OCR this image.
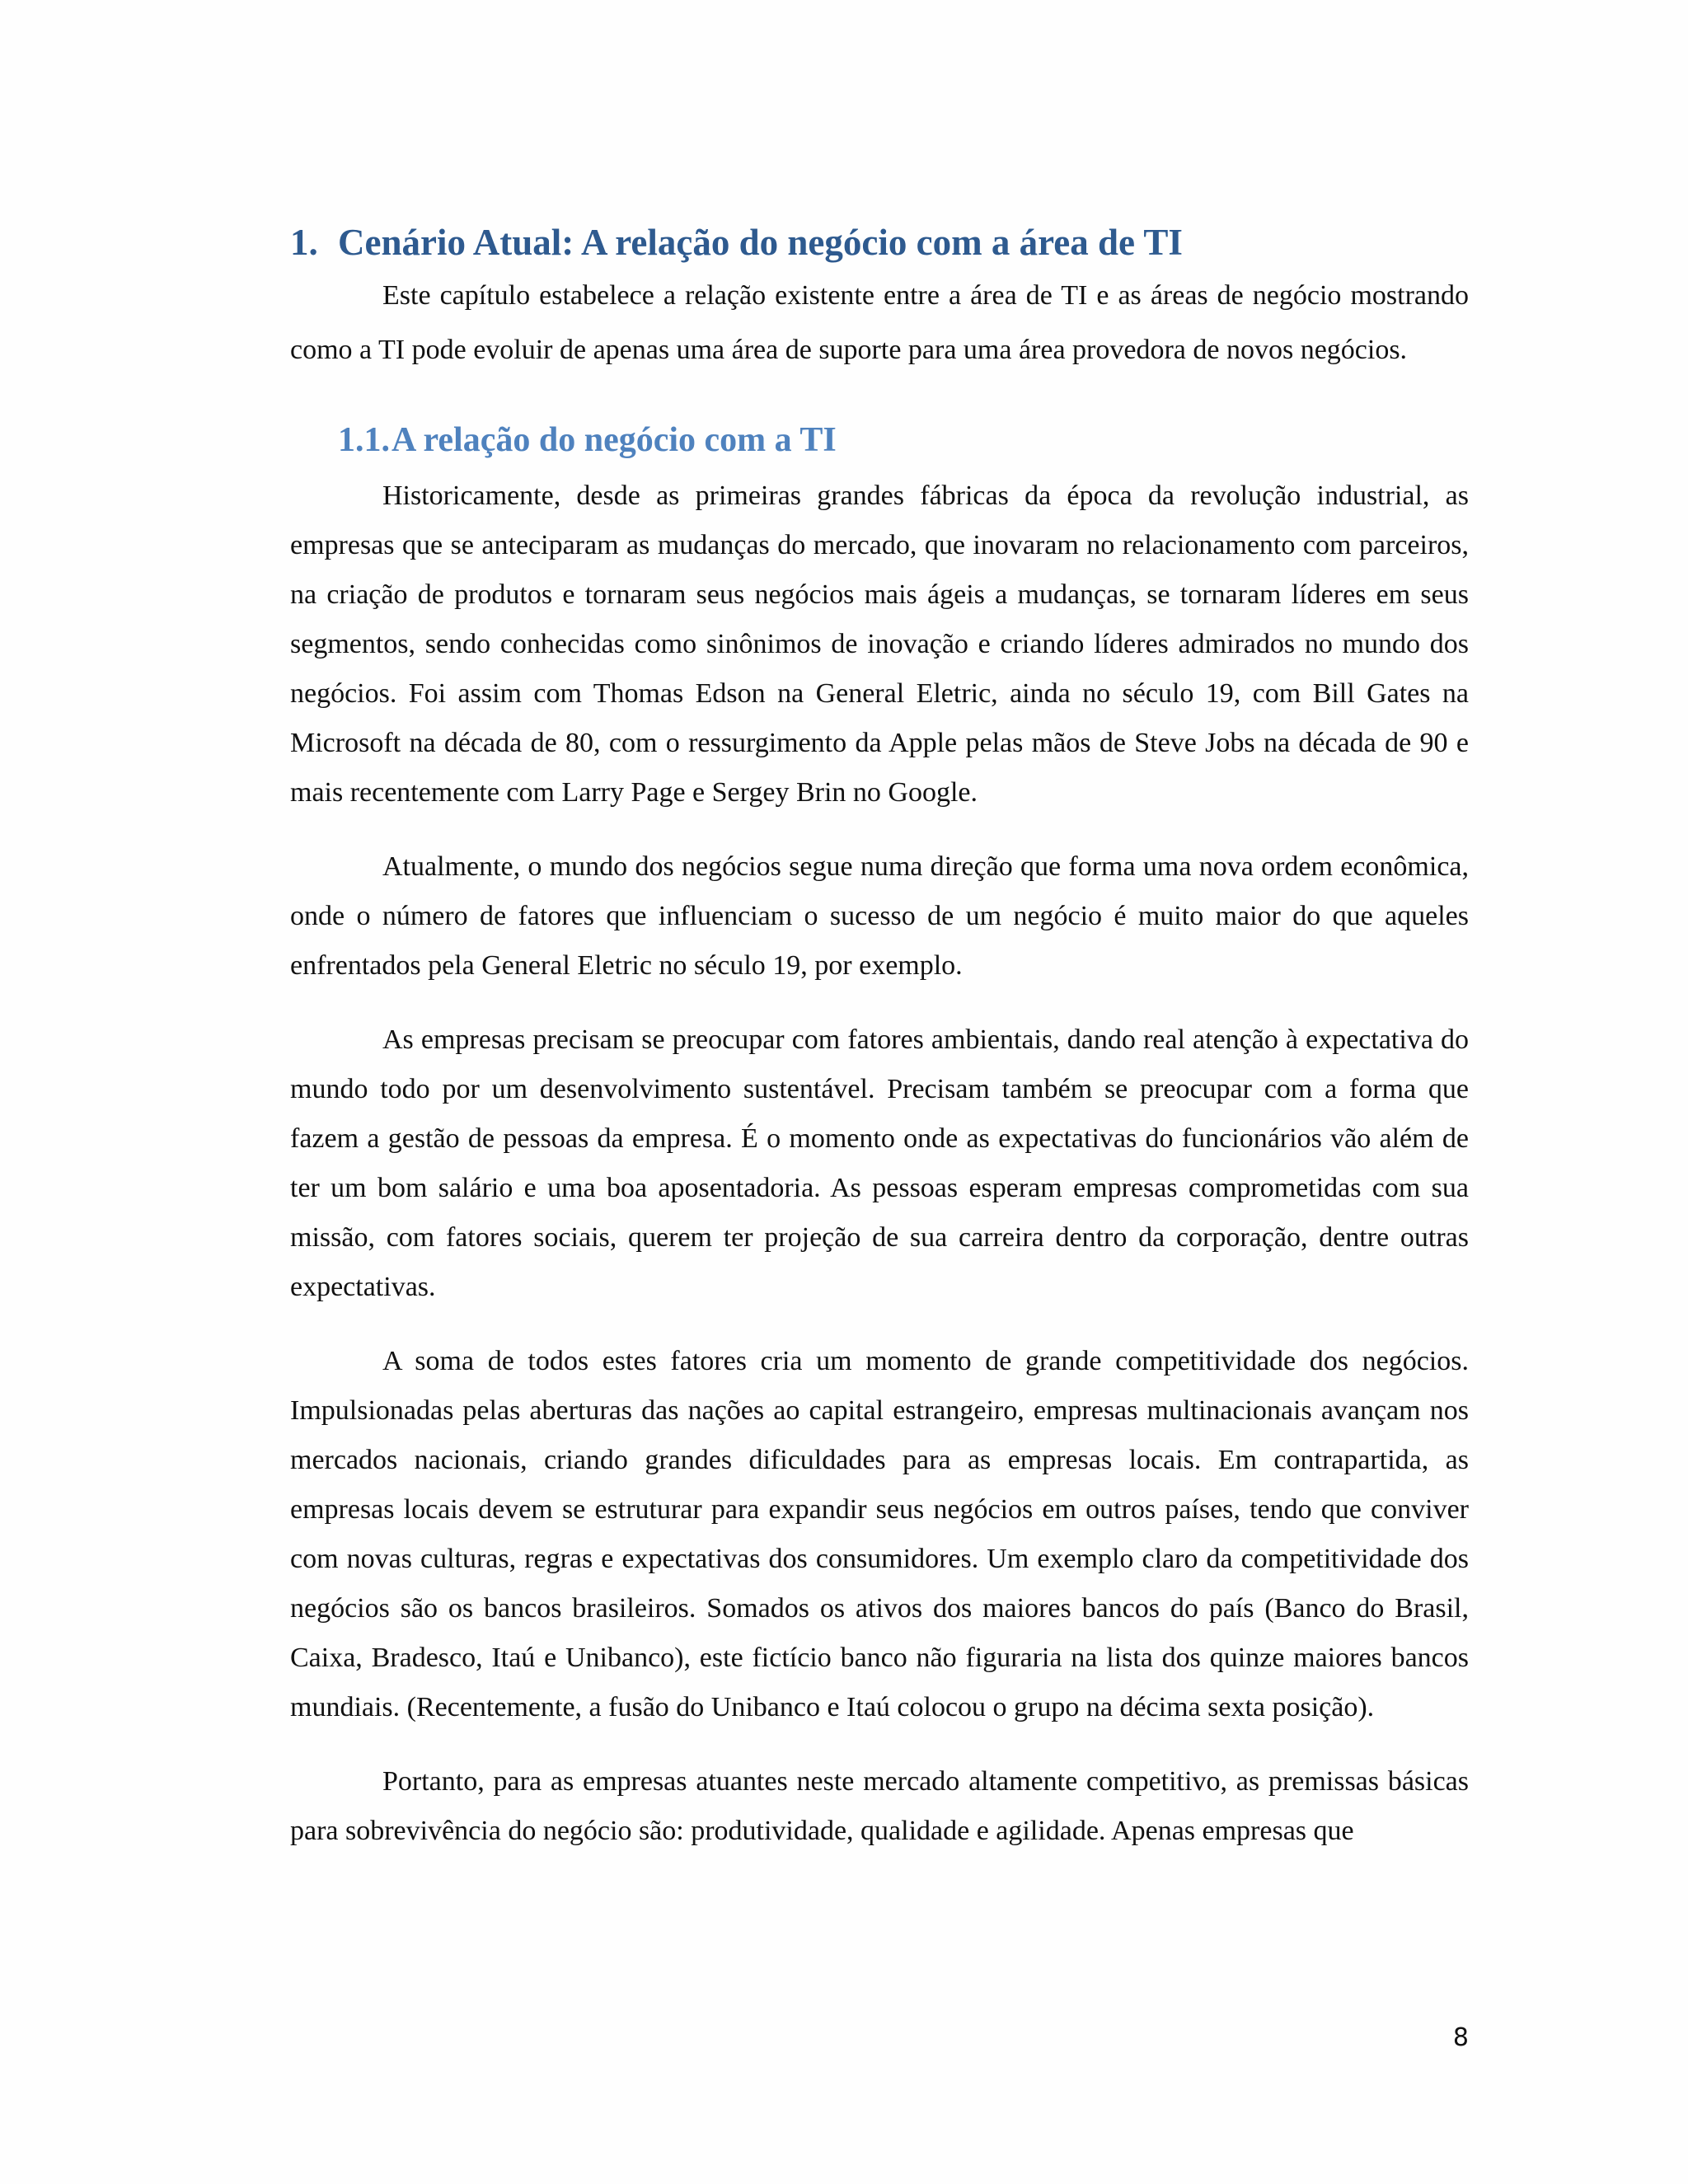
1. Cenário Atual: A relação do negócio com a área de TI

Este capítulo estabelece a relação existente entre a área de TI e as áreas de negócio mostrando como a TI pode evoluir de apenas uma área de suporte para uma área provedora de novos negócios.

1.1.A relação do negócio com a TI

Historicamente, desde as primeiras grandes fábricas da época da revolução industrial, as empresas que se anteciparam as mudanças do mercado, que inovaram no relacionamento com parceiros, na criação de produtos e tornaram seus negócios mais ágeis a mudanças, se tornaram líderes em seus segmentos, sendo conhecidas como sinônimos de inovação e criando líderes admirados no mundo dos negócios. Foi assim com Thomas Edson na General Eletric, ainda no século 19, com Bill Gates na Microsoft na década de 80, com o ressurgimento da Apple pelas mãos de Steve Jobs na década de 90 e mais recentemente com Larry Page e Sergey Brin no Google.

Atualmente, o mundo dos negócios segue numa direção que forma uma nova ordem econômica, onde o número de fatores que influenciam o sucesso de um negócio é muito maior do que aqueles enfrentados pela General Eletric no século 19, por exemplo.

As empresas precisam se preocupar com fatores ambientais, dando real atenção à expectativa do mundo todo por um desenvolvimento sustentável. Precisam também se preocupar com a forma que fazem a gestão de pessoas da empresa. É o momento onde as expectativas do funcionários vão além de ter um bom salário e uma boa aposentadoria. As pessoas esperam empresas comprometidas com sua missão, com fatores sociais, querem ter projeção de sua carreira dentro da corporação, dentre outras expectativas.

A soma de todos estes fatores cria um momento de grande competitividade dos negócios. Impulsionadas pelas aberturas das nações ao capital estrangeiro, empresas multinacionais avançam nos mercados nacionais, criando grandes dificuldades para as empresas locais. Em contrapartida, as empresas locais devem se estruturar para expandir seus negócios em outros países, tendo que conviver com novas culturas, regras e expectativas dos consumidores. Um exemplo claro da competitividade dos negócios são os bancos brasileiros. Somados os ativos dos maiores bancos do país (Banco do Brasil, Caixa, Bradesco, Itaú e Unibanco), este fictício banco não figuraria na lista dos quinze maiores bancos mundiais. (Recentemente, a fusão do Unibanco e Itaú colocou o grupo na décima sexta posição).

Portanto, para as empresas atuantes neste mercado altamente competitivo, as premissas básicas para sobrevivência do negócio são: produtividade, qualidade e agilidade. Apenas empresas que

8
